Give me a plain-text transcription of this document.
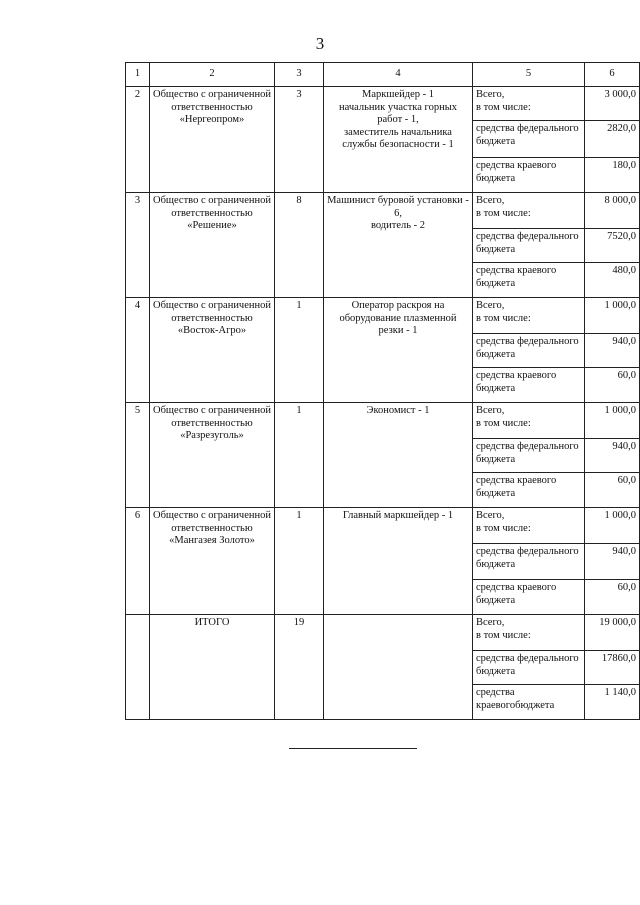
3
1	2	3	4	5	6
2	Общество с ограниченной ответственностью «Нергеопром»	3	Маркшейдер - 1
начальник участка горных работ - 1,
заместитель начальника службы безопасности - 1	Всего,
в том числе:	3 000,0
				средства федерального бюджета	2820,0
				средства краевого бюджета	180,0
3	Общество с ограниченной ответственностью «Решение»	8	Машинист буровой установки - 6,
водитель - 2	Всего,
в том числе:	8 000,0
				средства федерального бюджета	7520,0
				средства краевого бюджета	480,0
4	Общество с ограниченной ответственностью «Восток-Агро»	1	Оператор раскроя на оборудование плазменной резки - 1	Всего,
в том числе:	1 000,0
				средства федерального бюджета	940,0
				средства краевого бюджета	60,0
5	Общество с ограниченной ответственностью «Разрезуголь»	1	Экономист - 1	Всего,
в том числе:	1 000,0
				средства федерального бюджета	940,0
				средства краевого бюджета	60,0
6	Общество с ограниченной ответственностью «Мангазея Золото»	1	Главный маркшейдер - 1	Всего,
в том числе:	1 000,0
				средства федерального бюджета	940,0
				средства краевого бюджета	60,0
	ИТОГО	19		Всего,
в том числе:	19 000,0
				средства федерального бюджета	17860,0
				средства краевогобюджета	1 140,0
